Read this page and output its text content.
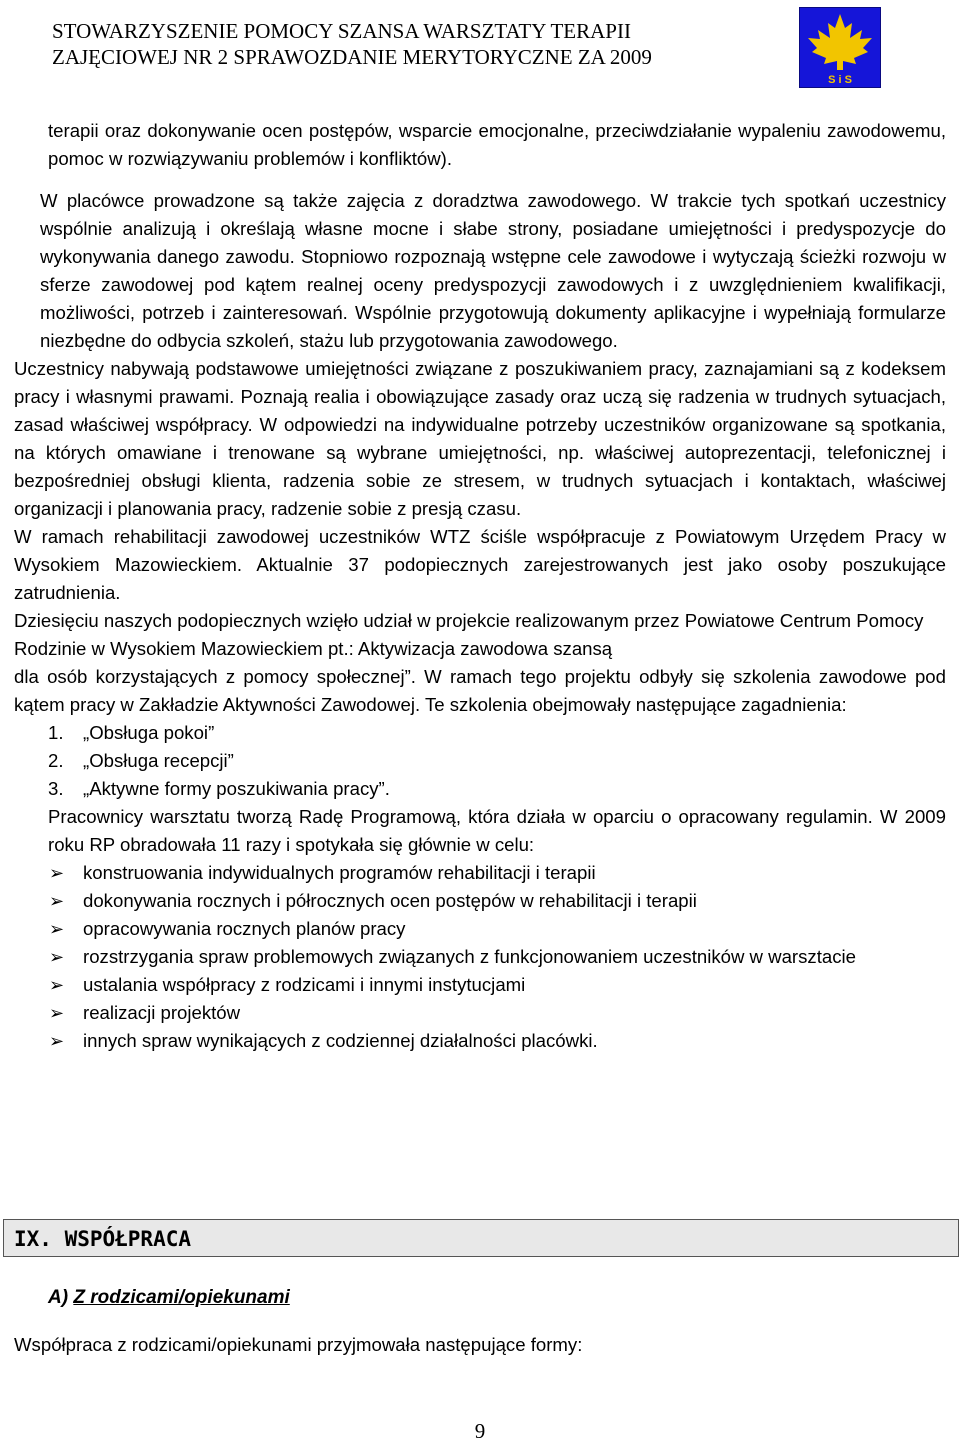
STOWARZYSZENIE POMOCY SZANSA WARSZTATY TERAPII
ZAJĘCIOWEJ NR 2 SPRAWOZDANIE MERYTORYCZNE ZA 2009
S i S

terapii oraz dokonywanie ocen postępów, wsparcie emocjonalne, przeciwdziałanie wypaleniu zawodowemu, pomoc w rozwiązywaniu problemów i konfliktów).

W placówce prowadzone są także zajęcia z doradztwa zawodowego. W trakcie tych spotkań uczestnicy wspólnie analizują i określają własne mocne i słabe strony, posiadane umiejętności i predyspozycje do wykonywania danego zawodu. Stopniowo rozpoznają wstępne cele zawodowe i wytyczają ścieżki rozwoju w sferze zawodowej pod kątem realnej oceny predyspozycji zawodowych i z uwzględnieniem kwalifikacji, możliwości, potrzeb i zainteresowań. Wspólnie przygotowują dokumenty aplikacyjne i wypełniają formularze niezbędne do odbycia szkoleń, stażu lub przygotowania zawodowego.

Uczestnicy nabywają podstawowe umiejętności związane z poszukiwaniem pracy, zaznajamiani są z kodeksem pracy i własnymi prawami. Poznają realia i obowiązujące zasady oraz uczą się radzenia w trudnych sytuacjach, zasad właściwej współpracy. W odpowiedzi na indywidualne potrzeby uczestników organizowane są spotkania, na których omawiane i trenowane są wybrane umiejętności, np. właściwej autoprezentacji, telefonicznej i bezpośredniej obsługi klienta, radzenia sobie ze stresem, w trudnych sytuacjach i kontaktach, właściwej organizacji i planowania pracy, radzenie sobie z presją czasu.

W ramach rehabilitacji zawodowej uczestników WTZ ściśle współpracuje z Powiatowym Urzędem Pracy w Wysokiem Mazowieckiem. Aktualnie 37 podopiecznych zarejestrowanych jest jako osoby poszukujące zatrudnienia.

Dziesięciu naszych podopiecznych wzięło udział w projekcie realizowanym przez Powiatowe Centrum Pomocy Rodzinie w Wysokiem Mazowieckiem pt.: Aktywizacja zawodowa szansą

dla osób korzystających z pomocy społecznej”. W ramach tego projektu odbyły się szkolenia zawodowe pod kątem pracy w Zakładzie Aktywności Zawodowej. Te szkolenia obejmowały następujące zagadnienia:

1. „Obsługa pokoi”
2. „Obsługa recepcji”
3. „Aktywne formy poszukiwania pracy”.

Pracownicy warsztatu tworzą Radę Programową, która działa w oparciu o opracowany regulamin. W 2009 roku RP obradowała 11 razy i spotykała się głównie w celu:

➢ konstruowania indywidualnych programów rehabilitacji i terapii
➢ dokonywania rocznych i półrocznych ocen postępów w rehabilitacji i terapii
➢ opracowywania rocznych planów pracy
➢ rozstrzygania spraw problemowych związanych z funkcjonowaniem uczestników w warsztacie
➢ ustalania współpracy z rodzicami i innymi instytucjami
➢ realizacji projektów
➢ innych spraw wynikających z codziennej działalności placówki.
IX. WSPÓŁPRACA
A) Z rodzicami/opiekunami
Współpraca z rodzicami/opiekunami przyjmowała następujące formy:
9
